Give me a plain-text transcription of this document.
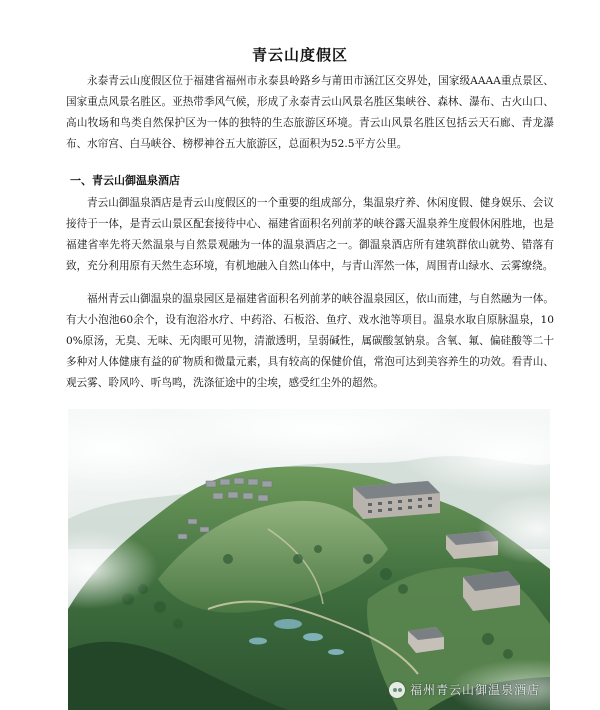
青云山度假区

永泰青云山度假区位于福建省福州市永泰县岭路乡与莆田市涵江区交界处，国家级AAAA重点景区、国家重点风景名胜区。亚热带季风气候，形成了永泰青云山风景名胜区集峡谷、森林、瀑布、古火山口、高山牧场和鸟类自然保护区为一体的独特的生态旅游区环境。青云山风景名胜区包括云天石廊、青龙瀑布、水帘宫、白马峡谷、榜椤神谷五大旅游区，总面积为52.5平方公里。

一、青云山御温泉酒店

青云山御温泉酒店是青云山度假区的一个重要的组成部分，集温泉疗养、休闲度假、健身娱乐、会议接待于一体，是青云山景区配套接待中心、福建省面积名列前茅的峡谷露天温泉养生度假休闲胜地，也是福建省率先将天然温泉与自然景观融为一体的温泉酒店之一。御温泉酒店所有建筑群依山就势、错落有致，充分利用原有天然生态环境，有机地融入自然山体中，与青山浑然一体，周围青山绿水、云雾缭绕。

福州青云山御温泉的温泉园区是福建省面积名列前茅的峡谷温泉园区，依山而建，与自然融为一体。有大小泡池60余个，设有泡浴水疗、中药浴、石板浴、鱼疗、戏水池等项目。温泉水取自原脉温泉，100%原汤，无臭、无味、无肉眼可见物，清澈透明，呈弱碱性，属碳酸氢钠泉。含氧、氟、偏硅酸等二十多种对人体健康有益的矿物质和微量元素，具有较高的保健价值，常泡可达到美容养生的功效。看青山、观云雾、聆风吟、听鸟鸣，洗涤征途中的尘埃，感受红尘外的超然。

福州青云山御温泉酒店
